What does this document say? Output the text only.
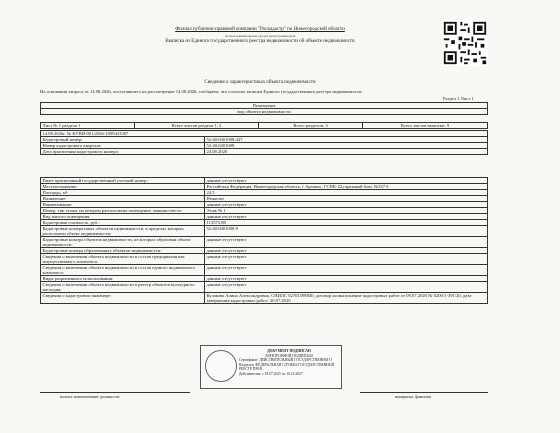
Филиал публично-правовой компании "Роскадастр" по Нижегородской области
полное наименование органа регистрации прав
Выписка из Единого государственного реестра недвижимости об объекте недвижимости
Сведения о характеристиках объекта недвижимости
На основании запроса от 14.08.2026, поступившего на рассмотрение 14.08.2026, сообщаем, что согласно записям Единого государственного реестра недвижимости:
Раздел 1 Лист 1
Помещение
вид объекта недвижимости
Лист № 1 раздела 1	Всего листов раздела 1: 2	Всего разделов: 3	Всего листов выписки: 9
14.08.2026г. № КУВИ-001/2026-1099413307	
Кадастровый номер:	52:40:0401008:427
Номер кадастрового квартала:	52:40:0401008
Дата присвоения кадастрового номера:	24.08.2020
Ранее присвоенный государственный учетный номер:	данные отсутствуют
Местоположение:	Российская Федерация, Нижегородская область, г Арзамас, ГСПК-22,гаражный бокс №337 б
Площадь, м²:	24.5
Назначение:	Нежилое
Наименование:	данные отсутствуют
Номер, тип этажа, на котором расположено помещение, машино-место	Этаж № 1
Вид жилого помещения:	данные отсутствуют
Кадастровая стоимость, руб.:	113575.88
Кадастровые номера иных объектов недвижимости, в пределах которых расположен объект недвижимости:	52:40:0401008:9
Кадастровые номера объектов недвижимости, из которых образован объект недвижимости:	данные отсутствуют
Кадастровые номера образованных объектов недвижимости:	данные отсутствуют
Сведения о включении объекта недвижимости в состав предприятия как имущественного комплекса:	данные отсутствуют
Сведения о включении объекта недвижимости в состав единого недвижимого комплекса:	данные отсутствуют
Виды разрешенного использования:	данные отсутствуют
Сведения о включении объекта недвижимости в реестр объектов культурного наследия:	данные отсутствуют
Сведения о кадастровом инженере:	Кулакова Алина Александровна, СНИЛС 02701598840, договор на выполнение кадастровых работ от 09.07.2020 № 0200/1-391/20, дата завершения кадастровых работ: 30.07.2020
ДОКУМЕНТ ПОДПИСАН
ЭЛЕКТРОННОЙ ПОДПИСЬЮ
Сертификат: ДЕЙСТВИТЕЛЬНЫЙ ГОСУДАРСТВЕННОГО
Владелец: ФЕДЕРАЛЬНАЯ СЛУЖБА ГОСУДАРСТВЕННОЙ
РЕЕСТР ПРАВ
Действителен: с 18.07.2025 по 10.10.2027
полное наименование должности	инициалы, фамилия
